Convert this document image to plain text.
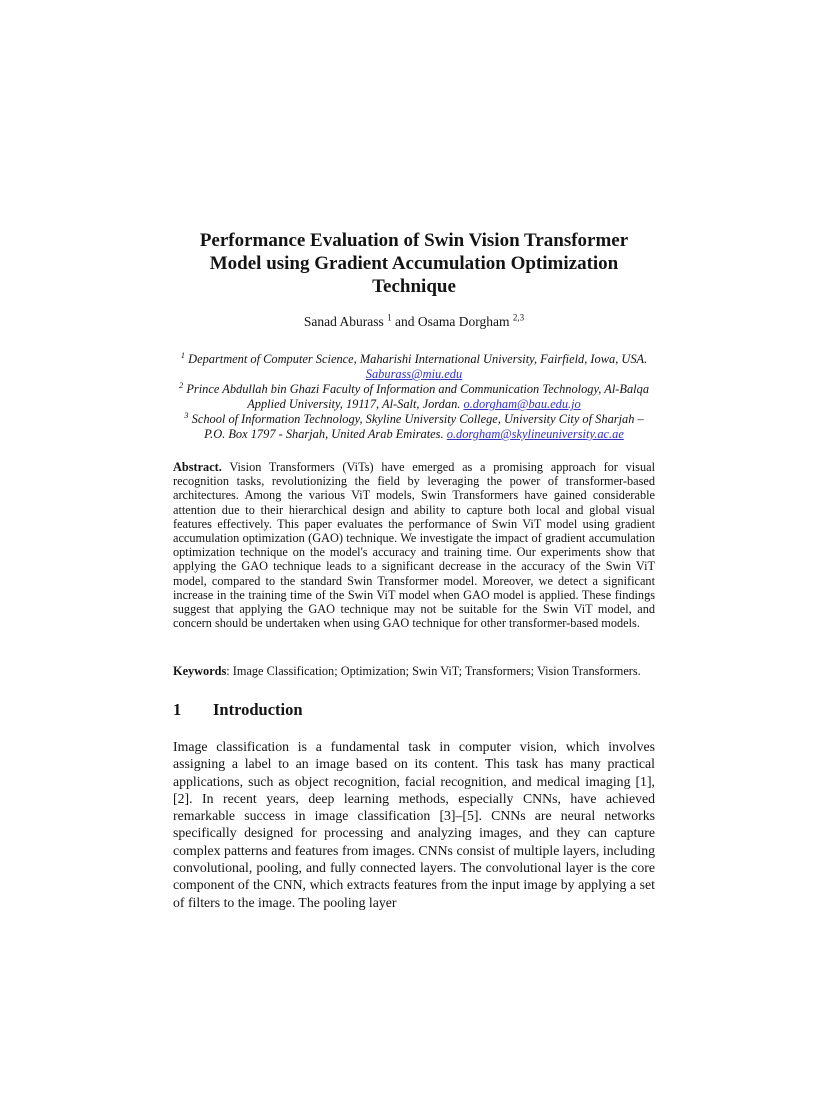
Performance Evaluation of Swin Vision Transformer Model using Gradient Accumulation Optimization Technique
Sanad Aburass $^1$ and Osama Dorgham $^{2,3}$
$^1$ Department of Computer Science, Maharishi International University, Fairfield, Iowa, USA. Saburass@miu.edu
$^2$ Prince Abdullah bin Ghazi Faculty of Information and Communication Technology, Al-Balqa Applied University, 19117, Al-Salt, Jordan. o.dorgham@bau.edu.jo
$^3$ School of Information Technology, Skyline University College, University City of Sharjah – P.O. Box 1797 - Sharjah, United Arab Emirates. o.dorgham@skylineuniversity.ac.ae

Abstract. Vision Transformers (ViTs) have emerged as a promising approach for visual recognition tasks, revolutionizing the field by leveraging the power of transformer-based architectures. Among the various ViT models, Swin Transformers have gained considerable attention due to their hierarchical design and ability to capture both local and global visual features effectively. This paper evaluates the performance of Swin ViT model using gradient accumulation optimization (GAO) technique. We investigate the impact of gradient accumulation optimization technique on the model's accuracy and training time. Our experiments show that applying the GAO technique leads to a significant decrease in the accuracy of the Swin ViT model, compared to the standard Swin Transformer model. Moreover, we detect a significant increase in the training time of the Swin ViT model when GAO model is applied. These findings suggest that applying the GAO technique may not be suitable for the Swin ViT model, and concern should be undertaken when using GAO technique for other transformer-based models.

Keywords: Image Classification; Optimization; Swin ViT; Transformers; Vision Transformers.

1 Introduction

Image classification is a fundamental task in computer vision, which involves assigning a label to an image based on its content. This task has many practical applications, such as object recognition, facial recognition, and medical imaging [1], [2]. In recent years, deep learning methods, especially CNNs, have achieved remarkable success in image classification [3]–[5]. CNNs are neural networks specifically designed for processing and analyzing images, and they can capture complex patterns and features from images. CNNs consist of multiple layers, including convolutional, pooling, and fully connected layers. The convolutional layer is the core component of the CNN, which extracts features from the input image by applying a set of filters to the image. The pooling layer
